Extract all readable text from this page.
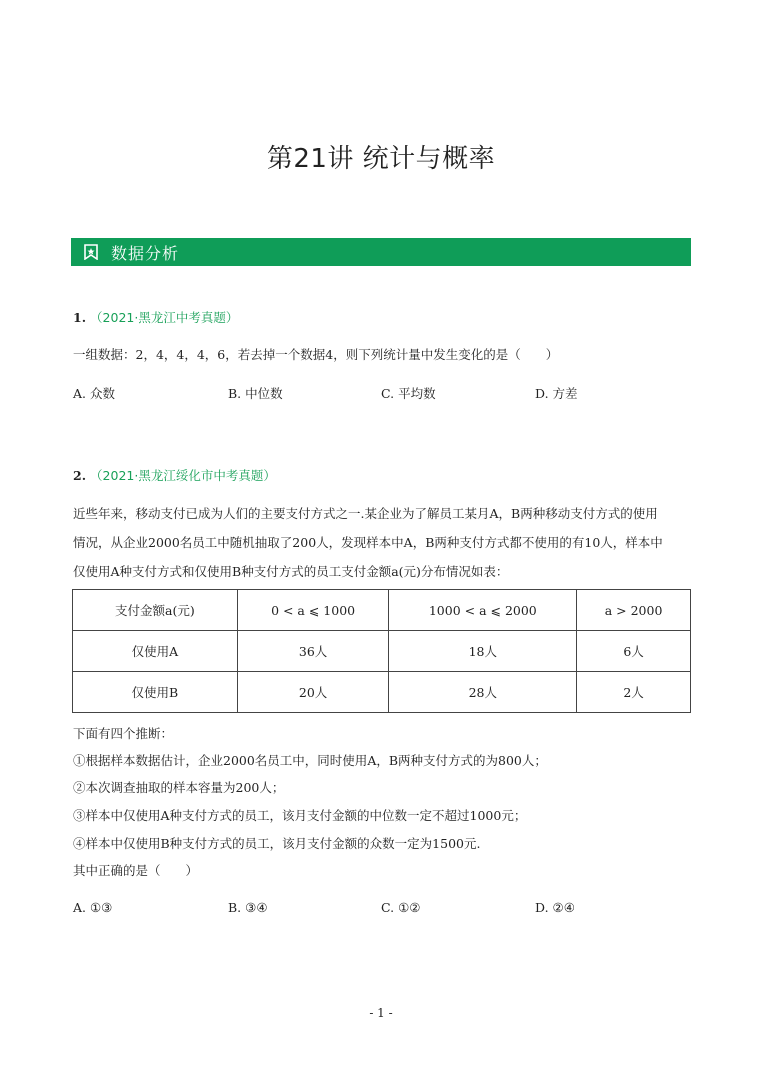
第21讲 统计与概率
数据分析
1. （2021·黑龙江中考真题）
一组数据：2，4，4，4，6，若去掉一个数据4，则下列统计量中发生变化的是（　　）
A. 众数	B. 中位数	C. 平均数	D. 方差
2. （2021·黑龙江绥化市中考真题）
近些年来，移动支付已成为人们的主要支付方式之一.某企业为了解员工某月A，B两种移动支付方式的使用
情况，从企业2000名员工中随机抽取了200人，发现样本中A，B两种支付方式都不使用的有10人，样本中
仅使用A种支付方式和仅使用B种支付方式的员工支付金额a(元)分布情况如表：
支付金额a(元)	0 < a ⩽ 1000	1000 < a ⩽ 2000	a > 2000
仅使用A	36人	18人	6人
仅使用B	20人	28人	2人
下面有四个推断：
①根据样本数据估计，企业2000名员工中，同时使用A，B两种支付方式的为800人；
②本次调查抽取的样本容量为200人；
③样本中仅使用A种支付方式的员工，该月支付金额的中位数一定不超过1000元；
④样本中仅使用B种支付方式的员工，该月支付金额的众数一定为1500元.
其中正确的是（　　）
A. ①③	B. ③④	C. ①②	D. ②④
- 1 -
